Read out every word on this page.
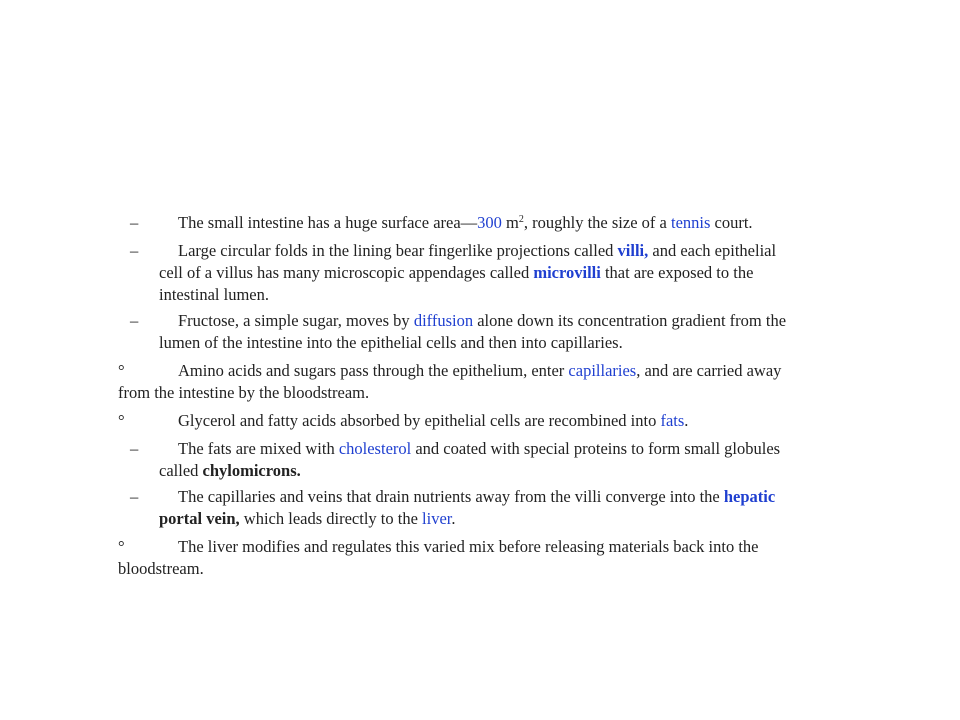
– The small intestine has a huge surface area—300 $m^2$, roughly the size of a tennis court.
– Large circular folds in the lining bear fingerlike projections called villi, and each epithelial
cell of a villus has many microscopic appendages called microvilli that are exposed to the
intestinal lumen.
– Fructose, a simple sugar, moves by diffusion alone down its concentration gradient from the
lumen of the intestine into the epithelial cells and then into capillaries.
°	Amino acids and sugars pass through the epithelium, enter capillaries, and are carried away
from the intestine by the bloodstream.
°	Glycerol and fatty acids absorbed by epithelial cells are recombined into fats.
– The fats are mixed with cholesterol and coated with special proteins to form small globules
called chylomicrons.
– The capillaries and veins that drain nutrients away from the villi converge into the hepatic
portal vein, which leads directly to the liver.
°	The liver modifies and regulates this varied mix before releasing materials back into the
bloodstream.
